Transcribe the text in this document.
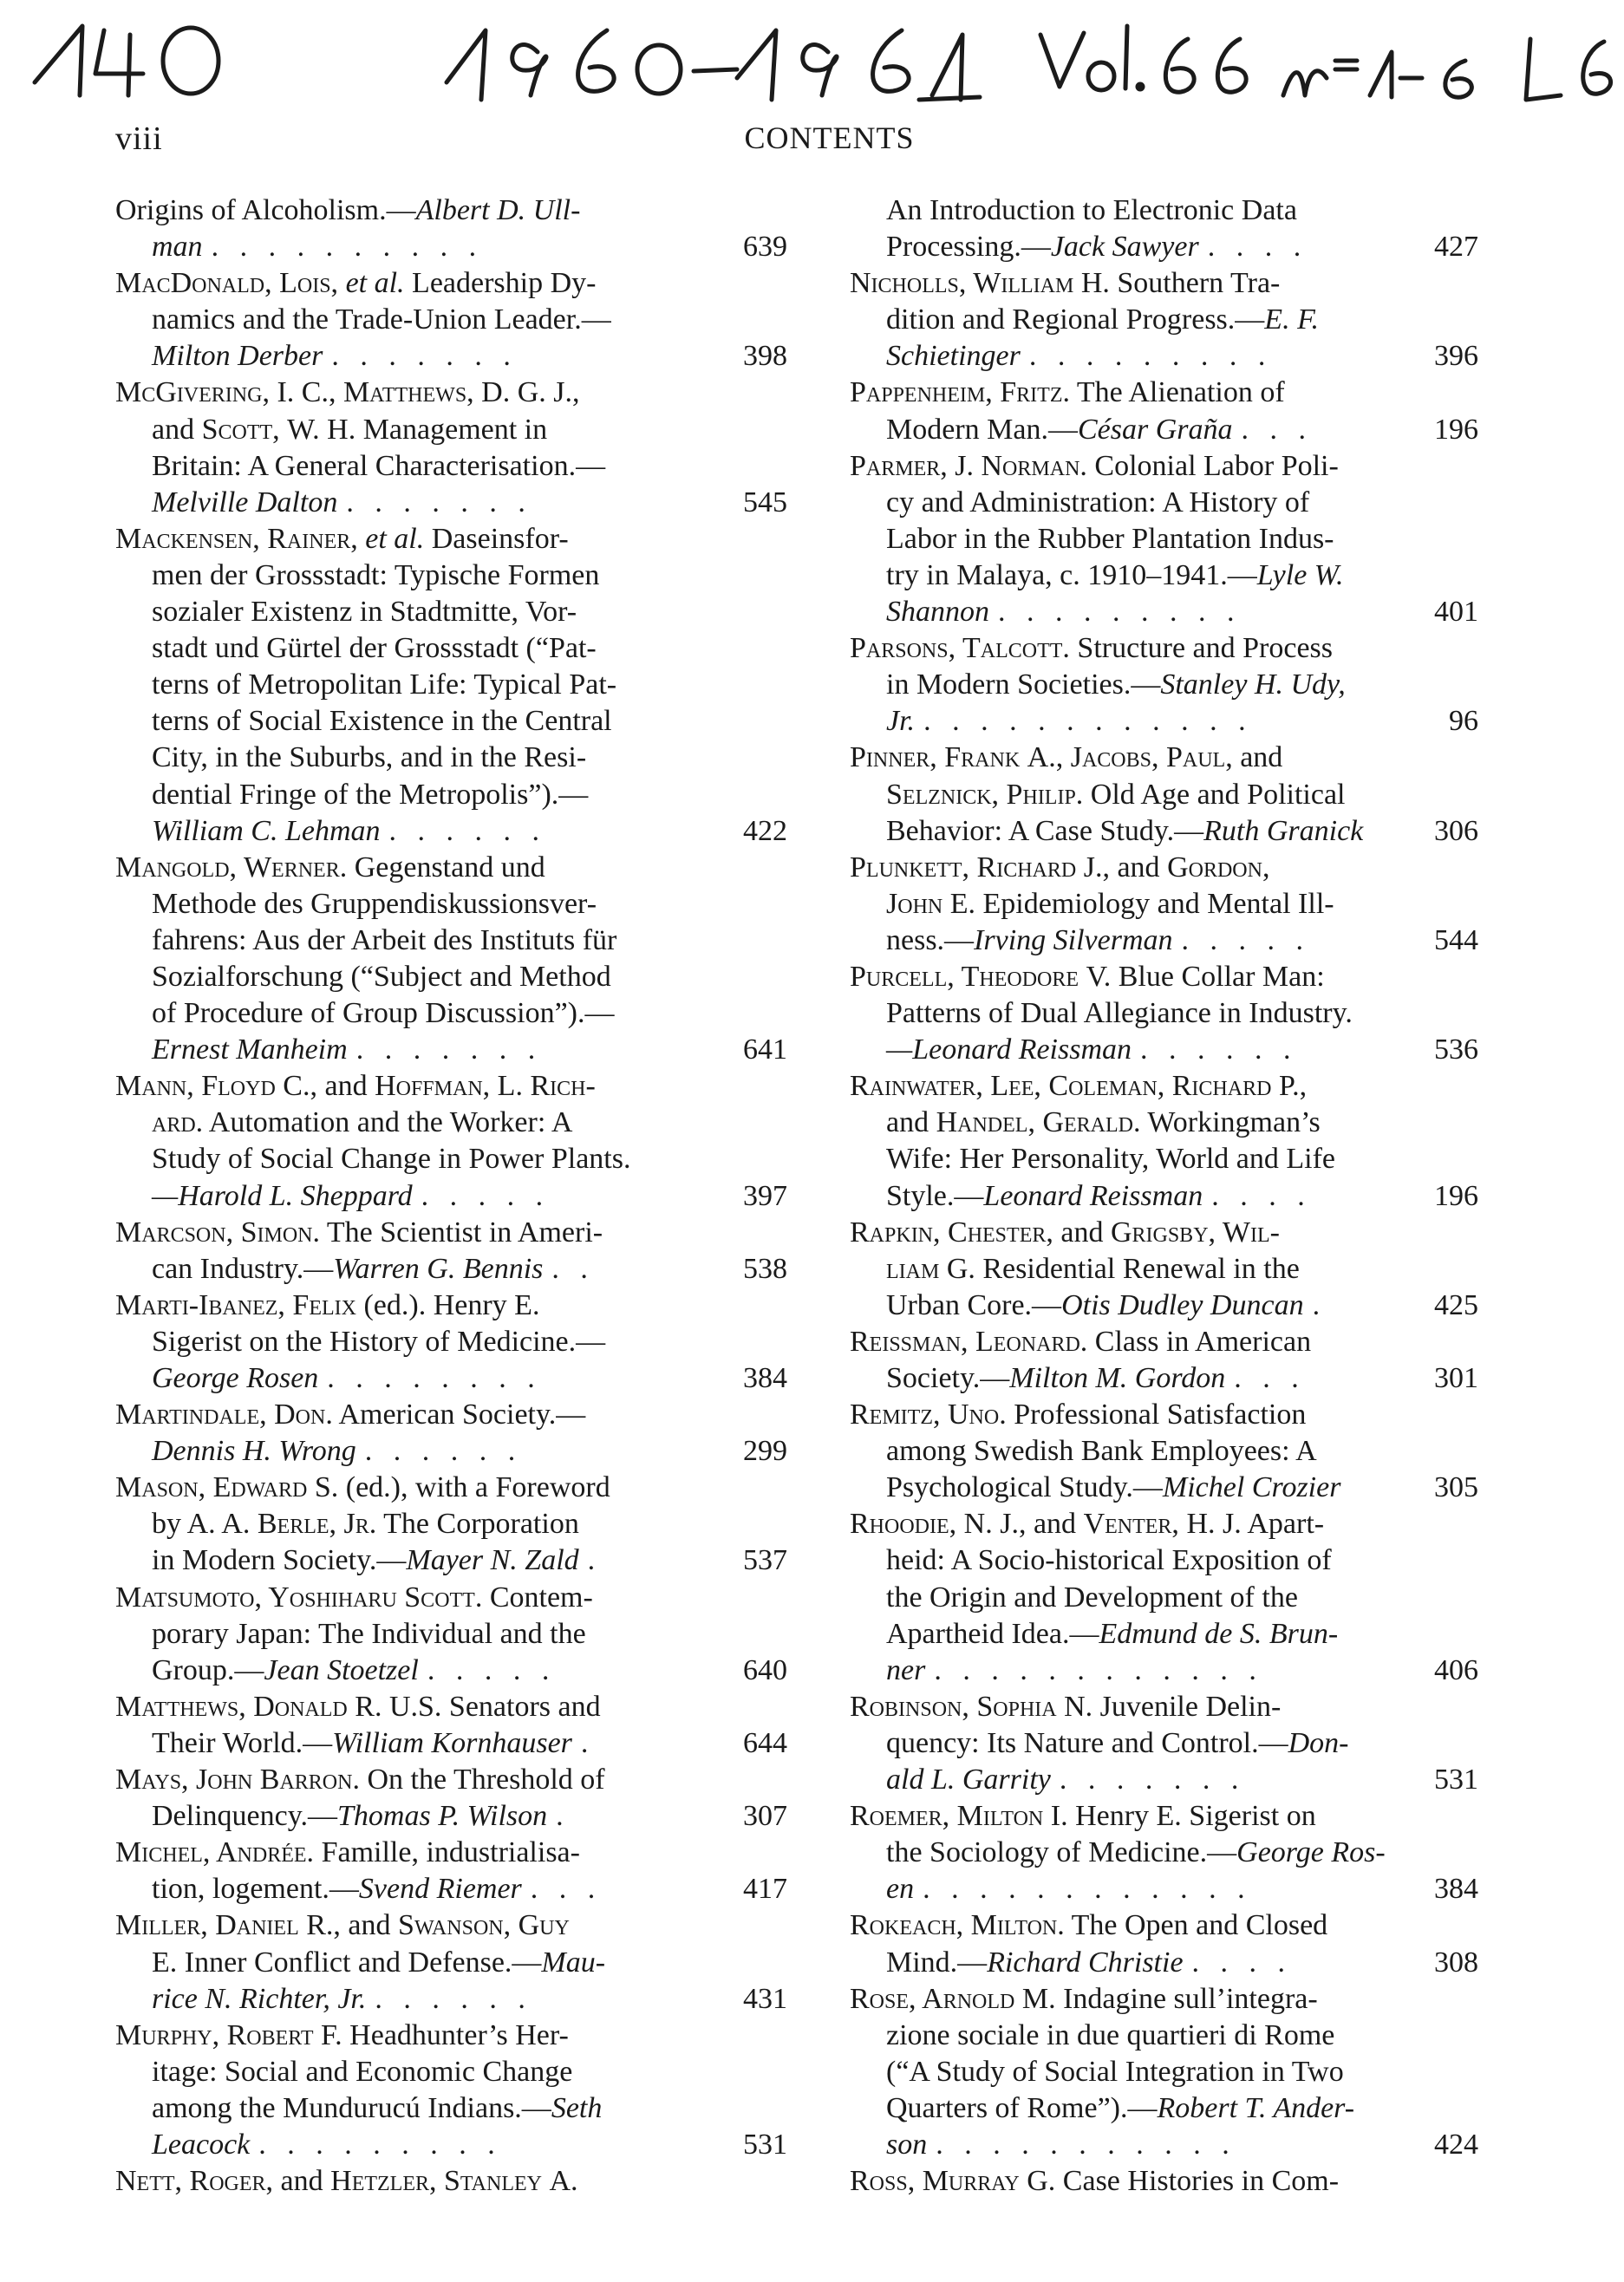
viii	CONTENTS
Origins of Alcoholism.—Albert D. Ull-
man . . . . . . . . . .	639
MacDonald, Lois, et al. Leadership Dy-
namics and the Trade-Union Leader.—
Milton Derber . . . . . . .	398
McGivering, I. C., Matthews, D. G. J.,
and Scott, W. H. Management in
Britain: A General Characterisation.—
Melville Dalton . . . . . . .	545
Mackensen, Rainer, et al. Daseinsfor-
men der Grossstadt: Typische Formen
sozialer Existenz in Stadtmitte, Vor-
stadt und Gürtel der Grossstadt (“Pat-
terns of Metropolitan Life: Typical Pat-
terns of Social Existence in the Central
City, in the Suburbs, and in the Resi-
dential Fringe of the Metropolis”).—
William C. Lehman . . . . . .	422
Mangold, Werner. Gegenstand und
Methode des Gruppendiskussionsver-
fahrens: Aus der Arbeit des Instituts für
Sozialforschung (“Subject and Method
of Procedure of Group Discussion”).—
Ernest Manheim . . . . . . .	641
Mann, Floyd C., and Hoffman, L. Rich-
ard. Automation and the Worker: A
Study of Social Change in Power Plants.
—Harold L. Sheppard . . . . .	397
Marcson, Simon. The Scientist in Ameri-
can Industry.—Warren G. Bennis . .	538
Marti-Ibanez, Felix (ed.). Henry E.
Sigerist on the History of Medicine.—
George Rosen . . . . . . . .	384
Martindale, Don. American Society.—
Dennis H. Wrong . . . . . .	299
Mason, Edward S. (ed.), with a Foreword
by A. A. Berle, Jr. The Corporation
in Modern Society.—Mayer N. Zald .	537
Matsumoto, Yoshiharu Scott. Contem-
porary Japan: The Individual and the
Group.—Jean Stoetzel . . . . .	640
Matthews, Donald R. U.S. Senators and
Their World.—William Kornhauser .	644
Mays, John Barron. On the Threshold of
Delinquency.—Thomas P. Wilson .	307
Michel, Andrée. Famille, industrialisa-
tion, logement.—Svend Riemer . . .	417
Miller, Daniel R., and Swanson, Guy
E. Inner Conflict and Defense.—Mau-
rice N. Richter, Jr. . . . . . .	431
Murphy, Robert F. Headhunter’s Her-
itage: Social and Economic Change
among the Mundurucú Indians.—Seth
Leacock . . . . . . . . .	531
Nett, Roger, and Hetzler, Stanley A.
An Introduction to Electronic Data
Processing.—Jack Sawyer . . . .	427
Nicholls, William H. Southern Tra-
dition and Regional Progress.—E. F.
Schietinger . . . . . . . . .	396
Pappenheim, Fritz. The Alienation of
Modern Man.—César Graña . . .	196
Parmer, J. Norman. Colonial Labor Poli-
cy and Administration: A History of
Labor in the Rubber Plantation Indus-
try in Malaya, c. 1910–1941.—Lyle W.
Shannon . . . . . . . . .	401
Parsons, Talcott. Structure and Process
in Modern Societies.—Stanley H. Udy,
Jr. . . . . . . . . . . . .	96
Pinner, Frank A., Jacobs, Paul, and
Selznick, Philip. Old Age and Political
Behavior: A Case Study.—Ruth Granick 306
Plunkett, Richard J., and Gordon,
John E. Epidemiology and Mental Ill-
ness.—Irving Silverman . . . . .	544
Purcell, Theodore V. Blue Collar Man:
Patterns of Dual Allegiance in Industry.
—Leonard Reissman . . . . . .	536
Rainwater, Lee, Coleman, Richard P.,
and Handel, Gerald. Workingman’s
Wife: Her Personality, World and Life
Style.—Leonard Reissman . . . .	196
Rapkin, Chester, and Grigsby, Wil-
liam G. Residential Renewal in the
Urban Core.—Otis Dudley Duncan .	425
Reissman, Leonard. Class in American
Society.—Milton M. Gordon . . .	301
Remitz, Uno. Professional Satisfaction
among Swedish Bank Employees: A
Psychological Study.—Michel Crozier	305
Rhoodie, N. J., and Venter, H. J. Apart-
heid: A Socio-historical Exposition of
the Origin and Development of the
Apartheid Idea.—Edmund de S. Brun-
ner . . . . . . . . . . . .	406
Robinson, Sophia N. Juvenile Delin-
quency: Its Nature and Control.—Don-
ald L. Garrity . . . . . . .	531
Roemer, Milton I. Henry E. Sigerist on
the Sociology of Medicine.—George Ros-
en . . . . . . . . . . . .	384
Rokeach, Milton. The Open and Closed
Mind.—Richard Christie . . . .	308
Rose, Arnold M. Indagine sull’integra-
zione sociale in due quartieri di Rome
(“A Study of Social Integration in Two
Quarters of Rome”).—Robert T. Ander-
son . . . . . . . . . . .	424
Ross, Murray G. Case Histories in Com-
